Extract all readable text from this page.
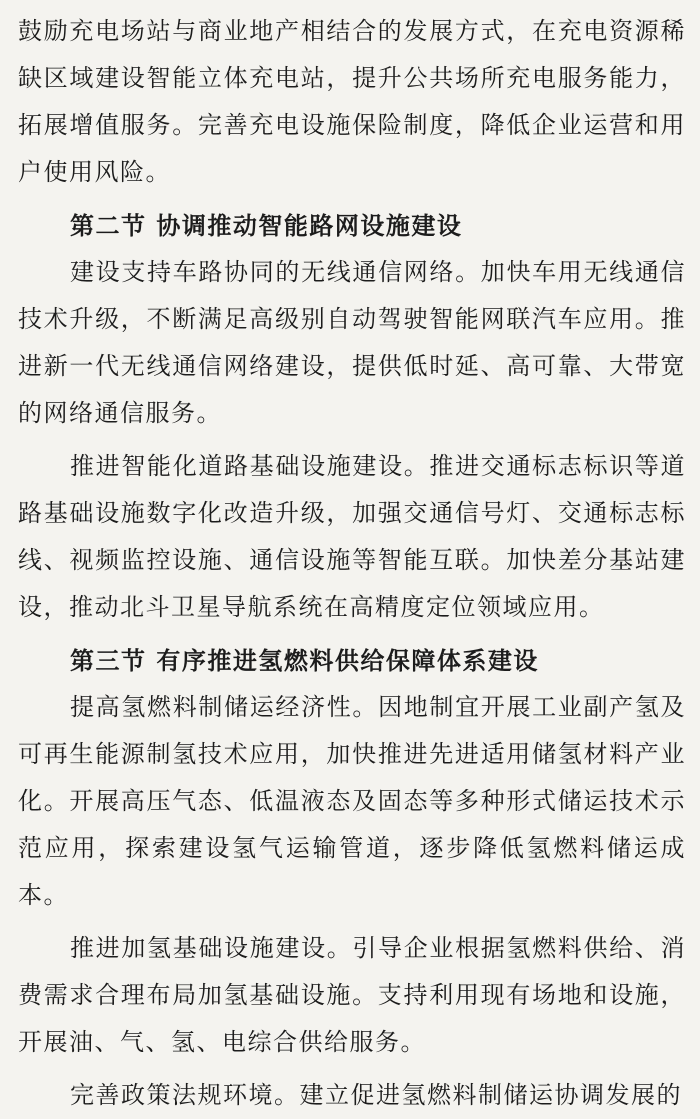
鼓励充电场站与商业地产相结合的发展方式，在充电资源稀缺区域建设智能立体充电站，提升公共场所充电服务能力，拓展增值服务。完善充电设施保险制度，降低企业运营和用户使用风险。

第二节 协调推动智能路网设施建设

建设支持车路协同的无线通信网络。加快车用无线通信技术升级，不断满足高级别自动驾驶智能网联汽车应用。推进新一代无线通信网络建设，提供低时延、高可靠、大带宽的网络通信服务。

推进智能化道路基础设施建设。推进交通标志标识等道路基础设施数字化改造升级，加强交通信号灯、交通标志标线、视频监控设施、通信设施等智能互联。加快差分基站建设，推动北斗卫星导航系统在高精度定位领域应用。

第三节 有序推进氢燃料供给保障体系建设

提高氢燃料制储运经济性。因地制宜开展工业副产氢及可再生能源制氢技术应用，加快推进先进适用储氢材料产业化。开展高压气态、低温液态及固态等多种形式储运技术示范应用，探索建设氢气运输管道，逐步降低氢燃料储运成本。

推进加氢基础设施建设。引导企业根据氢燃料供给、消费需求合理布局加氢基础设施。支持利用现有场地和设施，开展油、气、氢、电综合供给服务。

完善政策法规环境。建立促进氢燃料制储运协调发展的
